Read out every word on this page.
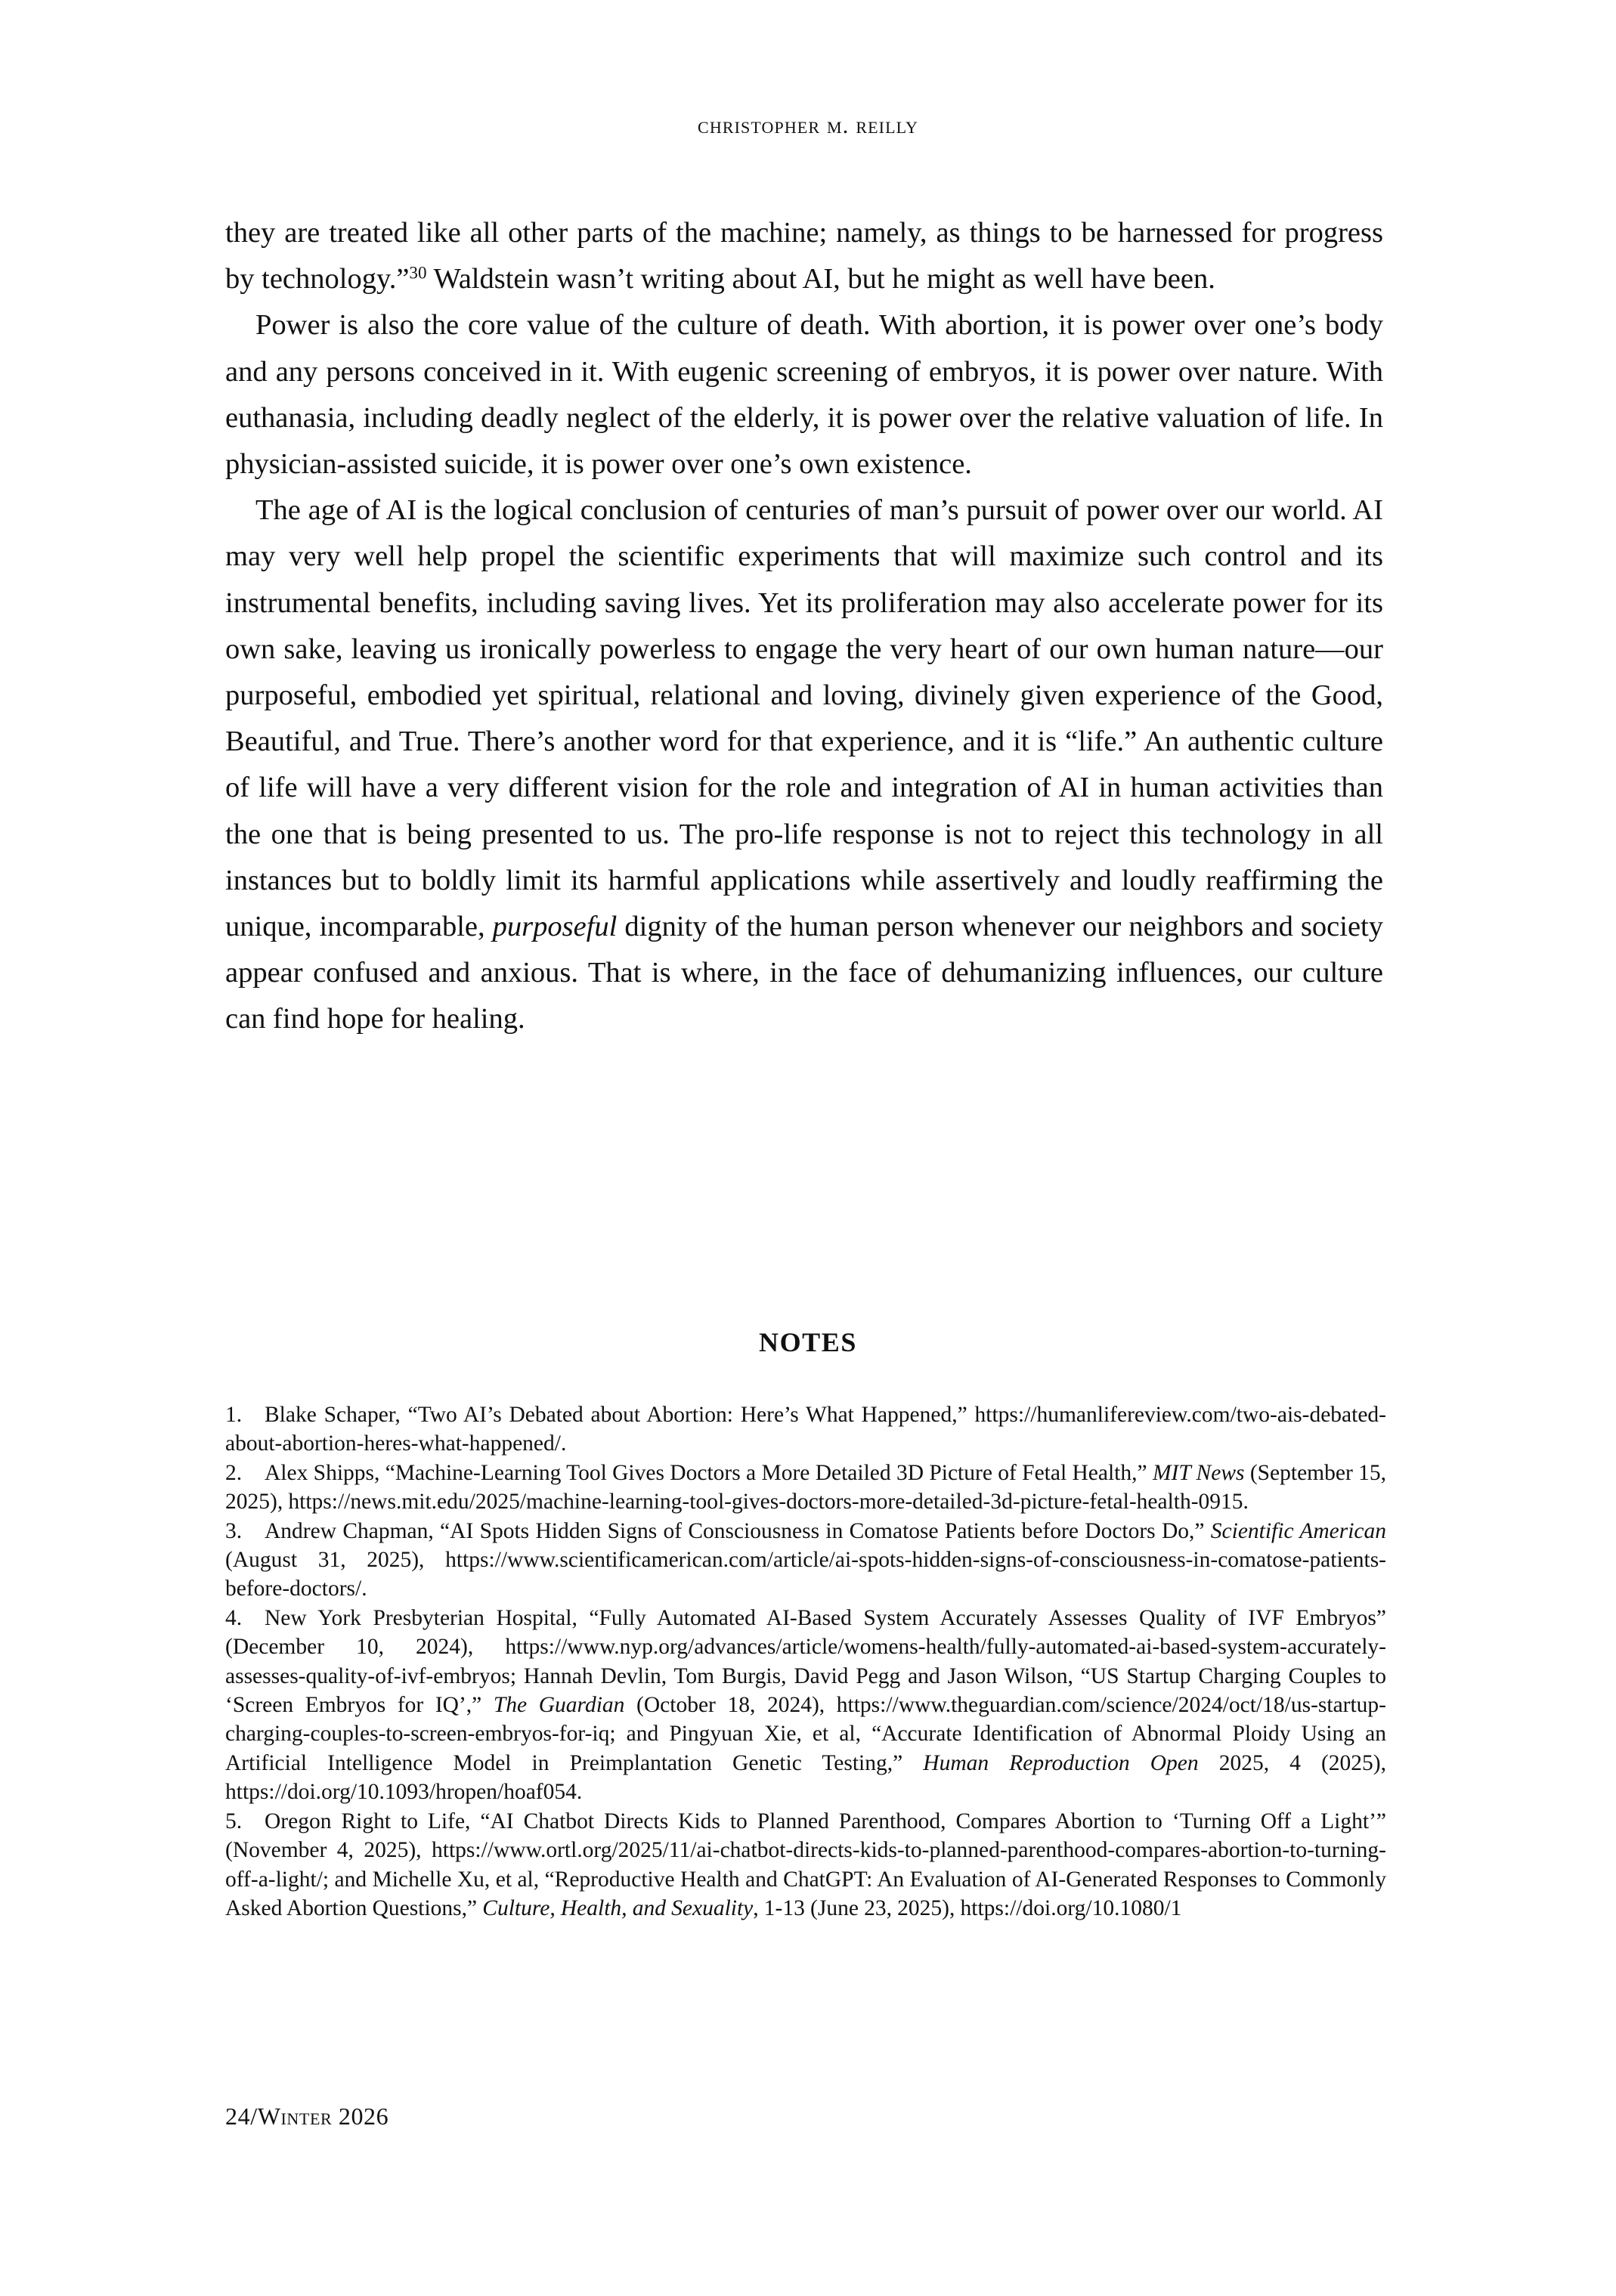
christopher m. reilly

they are treated like all other parts of the machine; namely, as things to be harnessed for progress by technology.”$^{30}$ Waldstein wasn’t writing about AI, but he might as well have been.

Power is also the core value of the culture of death. With abortion, it is power over one’s body and any persons conceived in it. With eugenic screening of embryos, it is power over nature. With euthanasia, including deadly neglect of the elderly, it is power over the relative valuation of life. In physician-assisted suicide, it is power over one’s own existence.

The age of AI is the logical conclusion of centuries of man’s pursuit of power over our world. AI may very well help propel the scientific experiments that will maximize such control and its instrumental benefits, including saving lives. Yet its proliferation may also accelerate power for its own sake, leaving us ironically powerless to engage the very heart of our own human nature—our purposeful, embodied yet spiritual, relational and loving, divinely given experience of the Good, Beautiful, and True. There’s another word for that experience, and it is “life.” An authentic culture of life will have a very different vision for the role and integration of AI in human activities than the one that is being presented to us. The pro-life response is not to reject this technology in all instances but to boldly limit its harmful applications while assertively and loudly reaffirming the unique, incomparable, purposeful dignity of the human person whenever our neighbors and society appear confused and anxious. That is where, in the face of dehumanizing influences, our culture can find hope for healing.

NOTES

1. Blake Schaper, “Two AI’s Debated about Abortion: Here’s What Happened,” https://humanlifereview.com/two-ais-debated-about-abortion-heres-what-happened/.

2. Alex Shipps, “Machine-Learning Tool Gives Doctors a More Detailed 3D Picture of Fetal Health,” MIT News (September 15, 2025), https://news.mit.edu/2025/machine-learning-tool-gives-doctors-more-detailed-3d-picture-fetal-health-0915.

3. Andrew Chapman, “AI Spots Hidden Signs of Consciousness in Comatose Patients before Doctors Do,” Scientific American (August 31, 2025), https://www.scientificamerican.com/article/ai-spots-hidden-signs-of-consciousness-in-comatose-patients-before-doctors/.

4. New York Presbyterian Hospital, “Fully Automated AI-Based System Accurately Assesses Quality of IVF Embryos” (December 10, 2024), https://www.nyp.org/advances/article/womens-health/fully-automated-ai-based-system-accurately-assesses-quality-of-ivf-embryos; Hannah Devlin, Tom Burgis, David Pegg and Jason Wilson, “US Startup Charging Couples to ‘Screen Embryos for IQ’,” The Guardian (October 18, 2024), https://www.theguardian.com/science/2024/oct/18/us-startup-charging-couples-to-screen-embryos-for-iq; and Pingyuan Xie, et al, “Accurate Identification of Abnormal Ploidy Using an Artificial Intelligence Model in Preimplantation Genetic Testing,” Human Reproduction Open 2025, 4 (2025), https://doi.org/10.1093/hropen/hoaf054.

5. Oregon Right to Life, “AI Chatbot Directs Kids to Planned Parenthood, Compares Abortion to ‘Turning Off a Light’” (November 4, 2025), https://www.ortl.org/2025/11/ai-chatbot-directs-kids-to-planned-parenthood-compares-abortion-to-turning-off-a-light/; and Michelle Xu, et al, “Reproductive Health and ChatGPT: An Evaluation of AI-Generated Responses to Commonly Asked Abortion Questions,” Culture, Health, and Sexuality, 1-13 (June 23, 2025), https://doi.org/10.1080/1

24/Winter 2026
